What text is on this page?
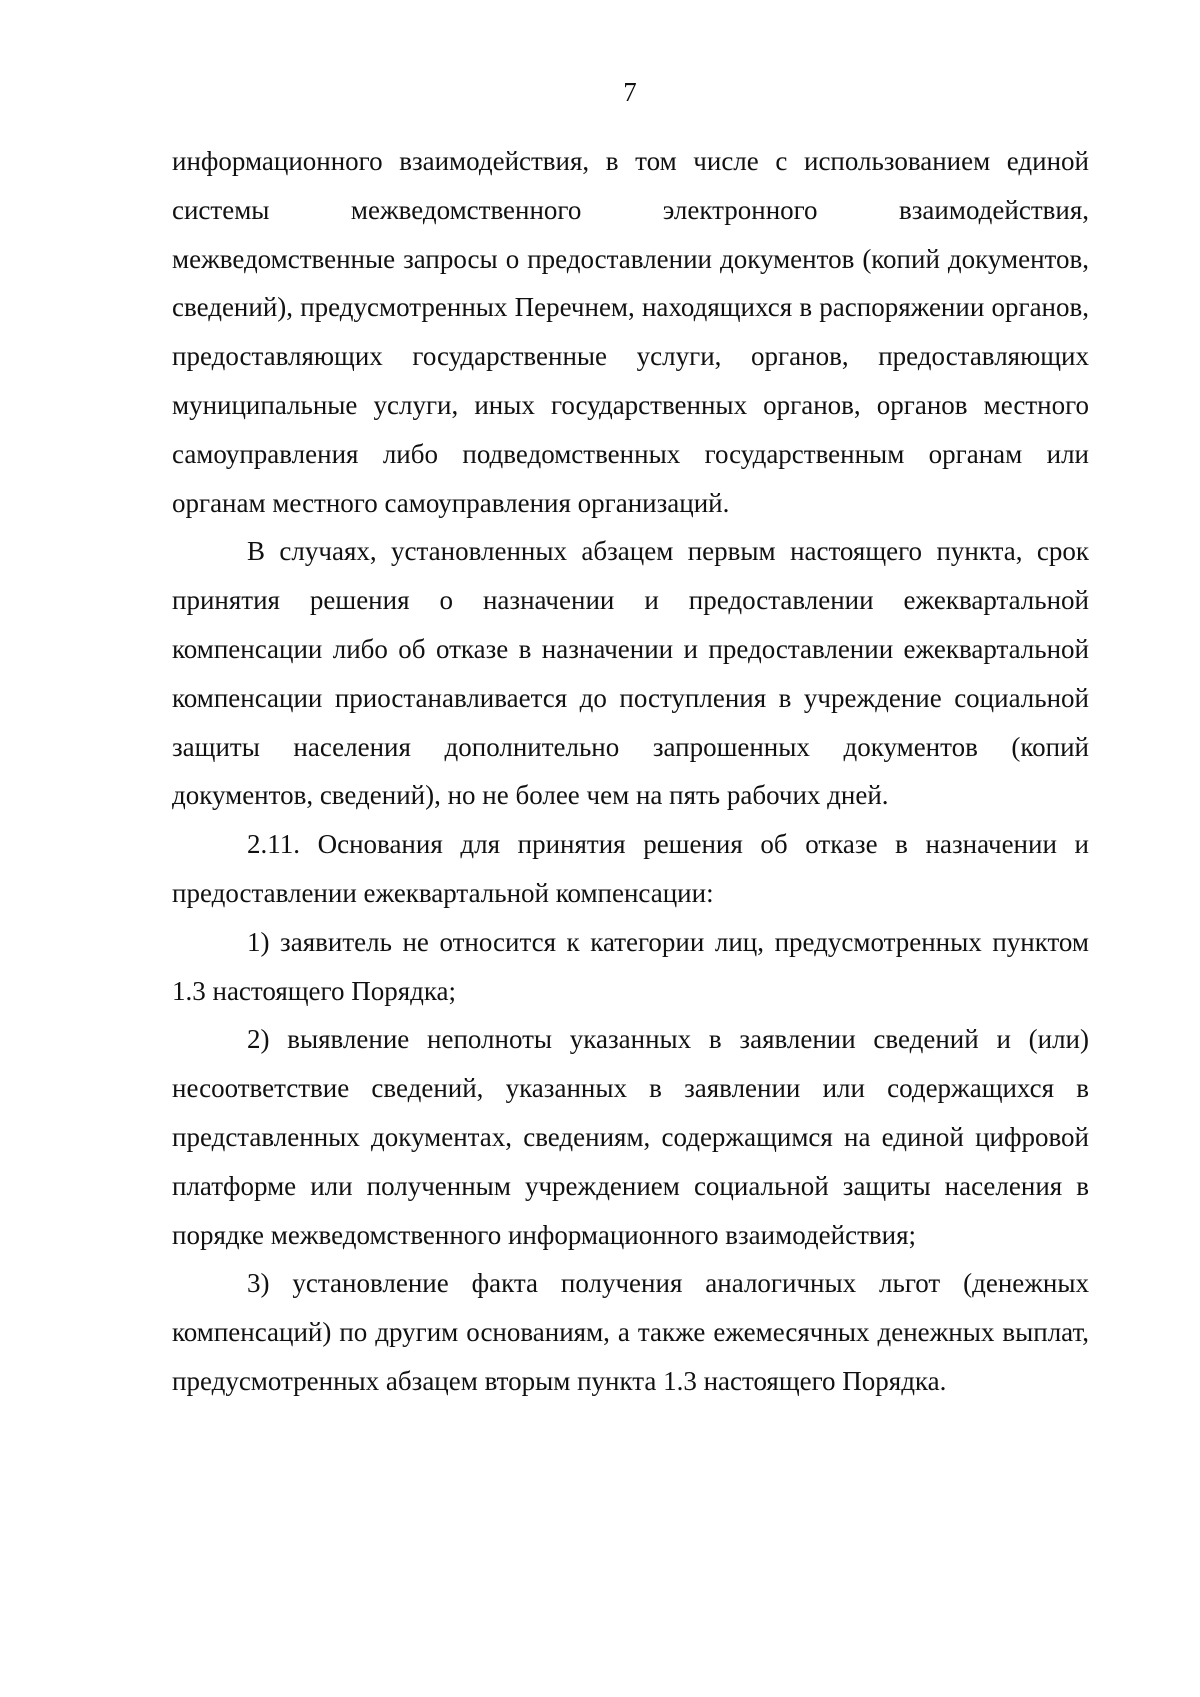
7

информационного взаимодействия, в том числе с использованием единой системы межведомственного электронного взаимодействия, межведомственные запросы о предоставлении документов (копий документов, сведений), предусмотренных Перечнем, находящихся в распоряжении органов, предоставляющих государственные услуги, органов, предоставляющих муниципальные услуги, иных государственных органов, органов местного самоуправления либо подведомственных государственным органам или органам местного самоуправления организаций.

В случаях, установленных абзацем первым настоящего пункта, срок принятия решения о назначении и предоставлении ежеквартальной компенсации либо об отказе в назначении и предоставлении ежеквартальной компенсации приостанавливается до поступления в учреждение социальной защиты населения дополнительно запрошенных документов (копий документов, сведений), но не более чем на пять рабочих дней.

2.11. Основания для принятия решения об отказе в назначении и предоставлении ежеквартальной компенсации:

1) заявитель не относится к категории лиц, предусмотренных пунктом 1.3 настоящего Порядка;

2) выявление неполноты указанных в заявлении сведений и (или) несоответствие сведений, указанных в заявлении или содержащихся в представленных документах, сведениям, содержащимся на единой цифровой платформе или полученным учреждением социальной защиты населения в порядке межведомственного информационного взаимодействия;

3) установление факта получения аналогичных льгот (денежных компенсаций) по другим основаниям, а также ежемесячных денежных выплат, предусмотренных абзацем вторым пункта 1.3 настоящего Порядка.
